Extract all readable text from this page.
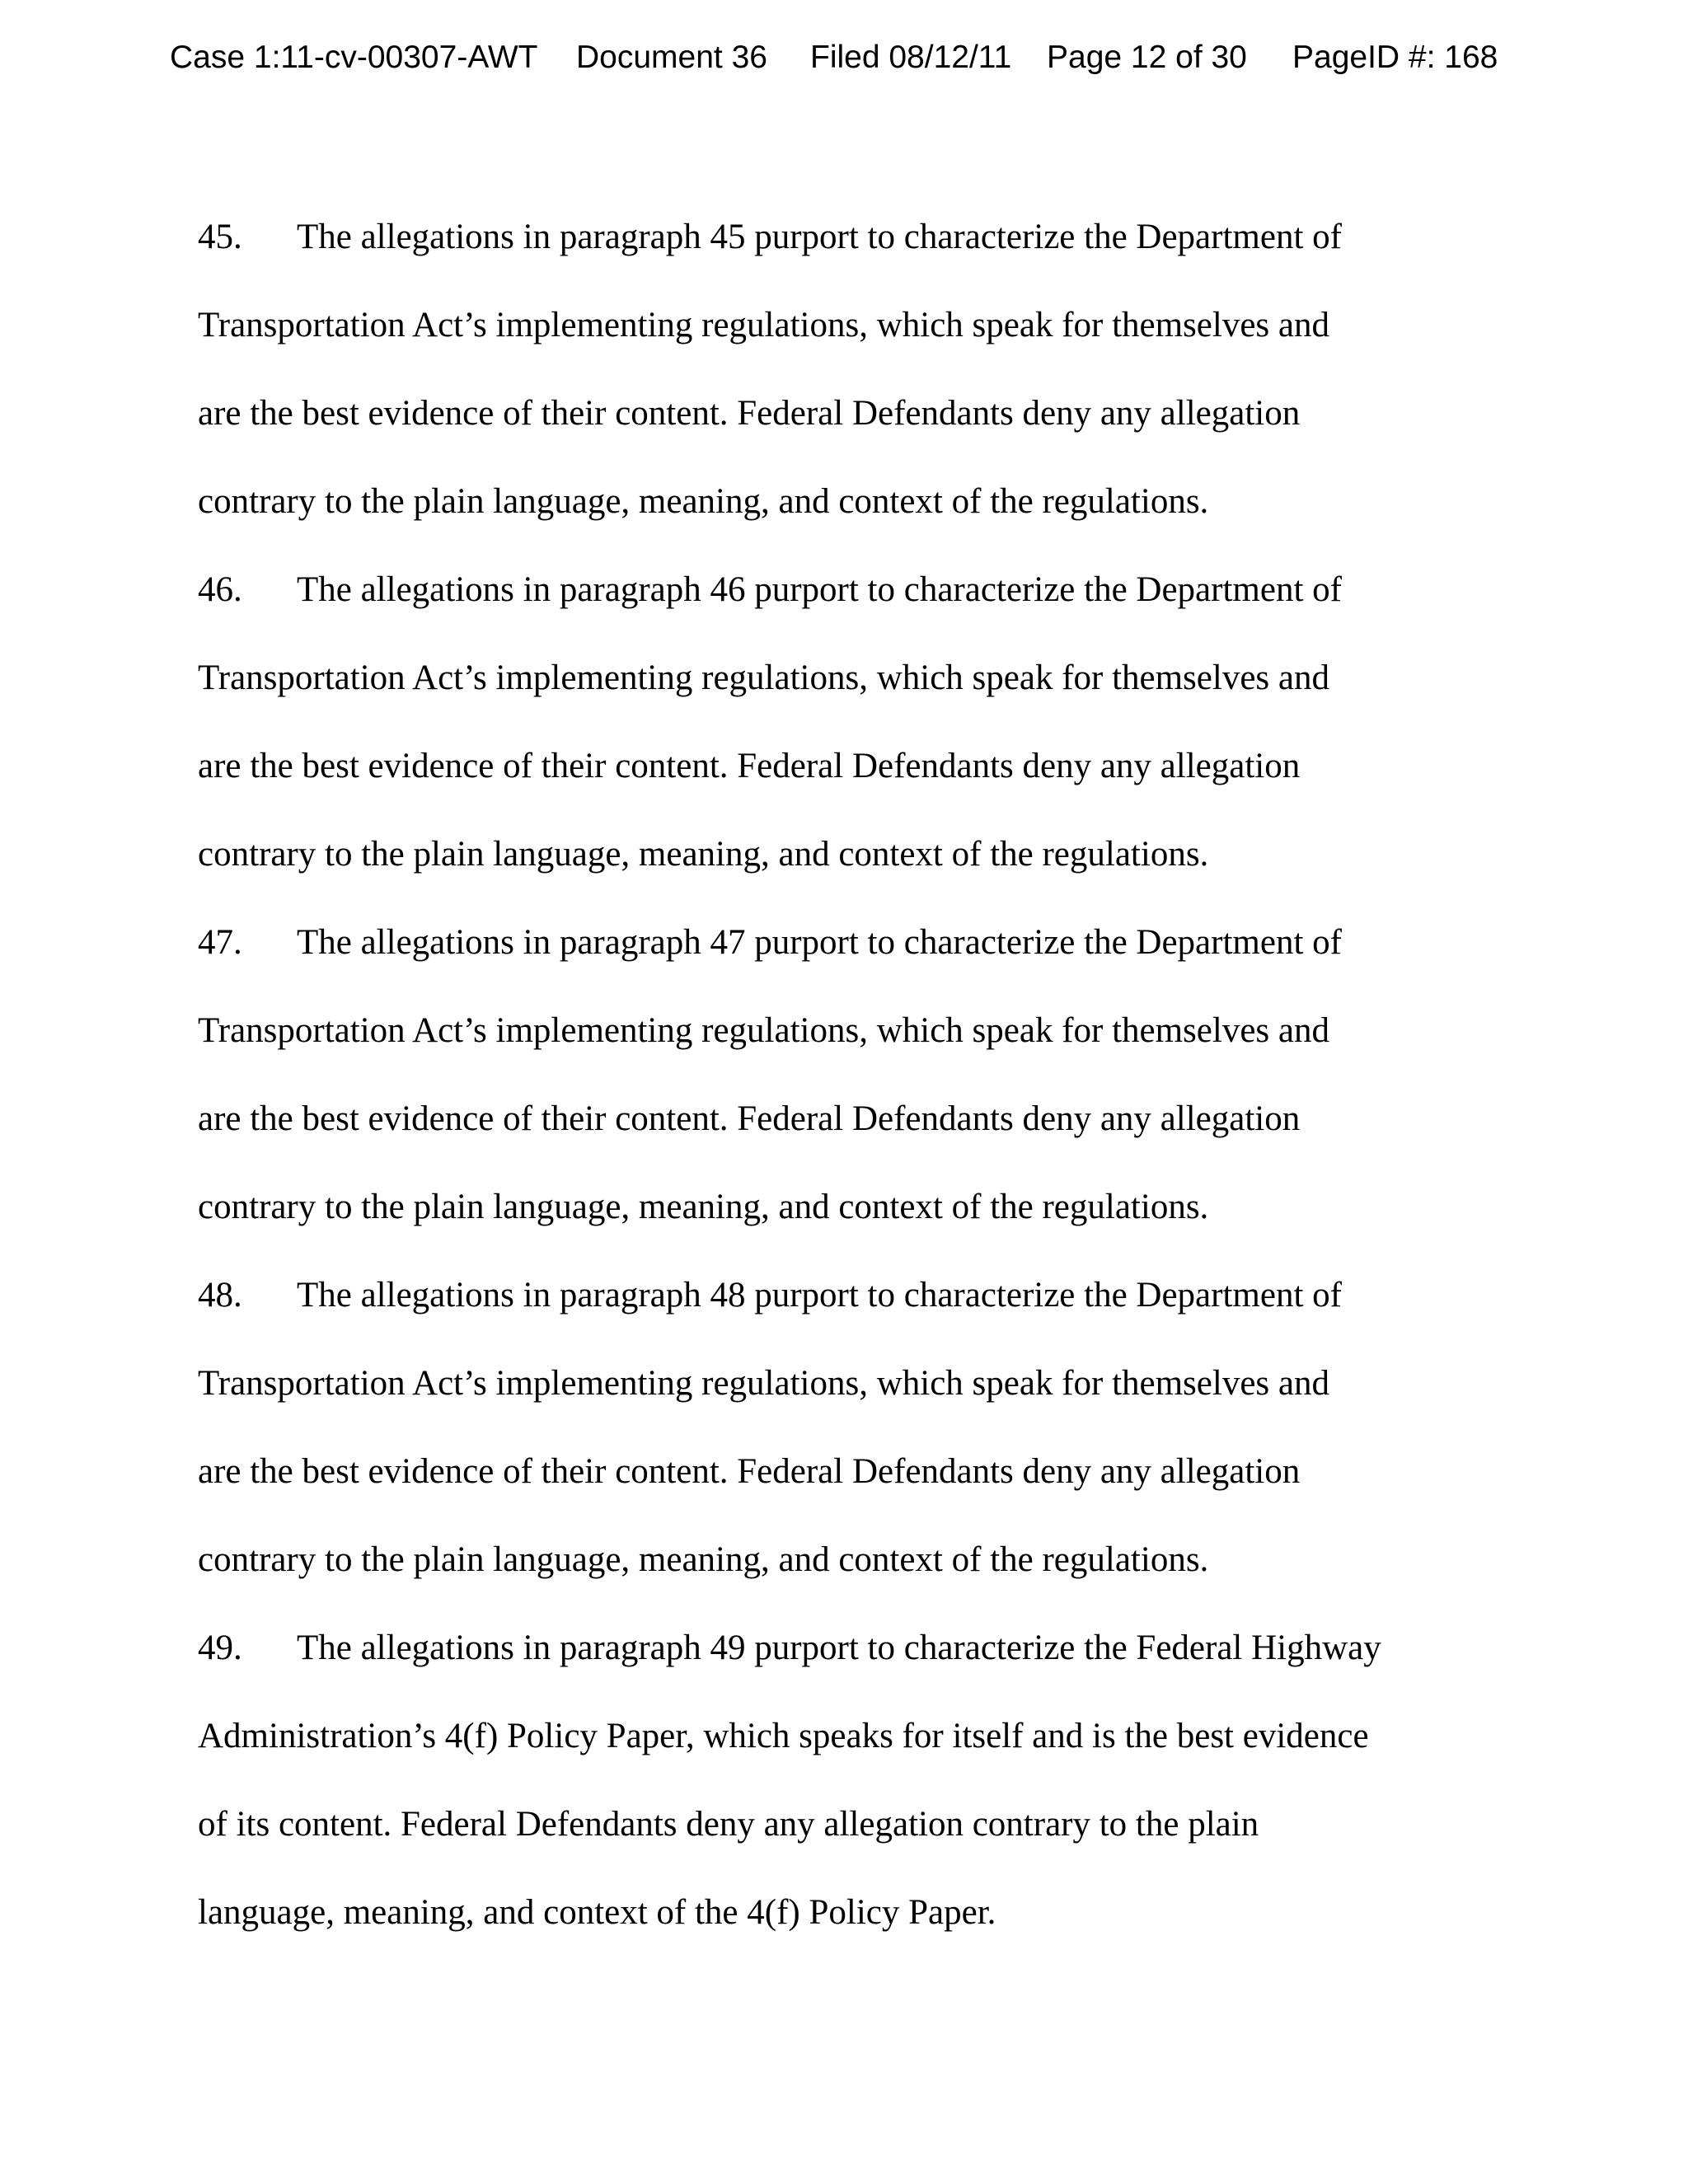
Case 1:11-cv-00307-AWT Document 36 Filed 08/12/11 Page 12 of 30 PageID #: 168
45. The allegations in paragraph 45 purport to characterize the Department of
Transportation Act’s implementing regulations, which speak for themselves and
are the best evidence of their content. Federal Defendants deny any allegation
contrary to the plain language, meaning, and context of the regulations.
46. The allegations in paragraph 46 purport to characterize the Department of
Transportation Act’s implementing regulations, which speak for themselves and
are the best evidence of their content. Federal Defendants deny any allegation
contrary to the plain language, meaning, and context of the regulations.
47. The allegations in paragraph 47 purport to characterize the Department of
Transportation Act’s implementing regulations, which speak for themselves and
are the best evidence of their content. Federal Defendants deny any allegation
contrary to the plain language, meaning, and context of the regulations.
48. The allegations in paragraph 48 purport to characterize the Department of
Transportation Act’s implementing regulations, which speak for themselves and
are the best evidence of their content. Federal Defendants deny any allegation
contrary to the plain language, meaning, and context of the regulations.
49. The allegations in paragraph 49 purport to characterize the Federal Highway
Administration’s 4(f) Policy Paper, which speaks for itself and is the best evidence
of its content. Federal Defendants deny any allegation contrary to the plain
language, meaning, and context of the 4(f) Policy Paper.
